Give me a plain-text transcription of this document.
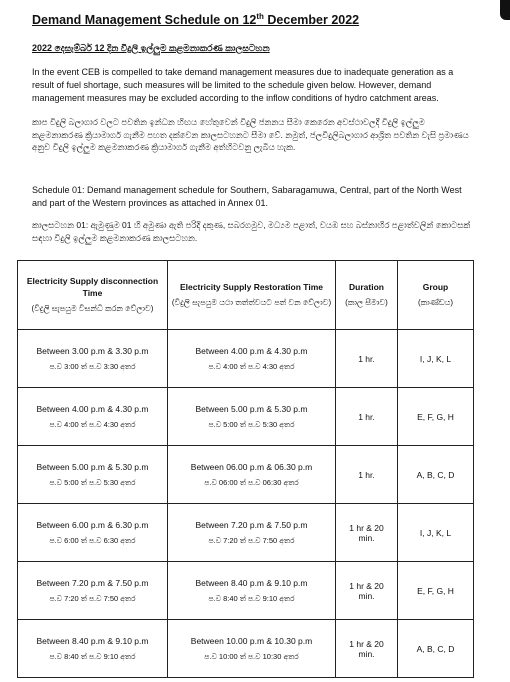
Demand Management Schedule on 12th December 2022
2022 දෙසැම්බර් 12 දින විදුලි ඉල්ලුම කළමනාකරණ කාලසටහන
In the event CEB is compelled to take demand management measures due to inadequate generation as a result of fuel shortage, such measures will be limited to the schedule given below. However, demand management measures may be excluded according to the inflow conditions of hydro catchment areas.
කාප විදුලි බලාගාර වලට පවතින ඉන්ධන හිඟය හේතුවෙන් විදුලි ජනනය සීමා කෙරෙන අවස්ථාවලදී විදුලි ඉල්ලුම කළමනාකරණ ක්‍රියාමාර්ග ගැනීම පහත දක්වෙන කාලසටහනට සීමා වේ. නමුත්, ජලවිදුලිබලාගාර ආශ්‍රිත පවතින වැසි ප්‍රමාණය අනුව විදුලි ඉල්ලුම කළමනාකරණ ක්‍රියාමාර්ග ගැනීම අත්හිටවනු ලැබිය හැක.
Schedule 01: Demand management schedule for Southern, Sabaragamuwa, Central, part of the North West and part of the Western provinces as attached in Annex 01.
කාලසටහන 01: ඇමුණුම 01 හි අමුණා ඇති පරිදි දකුණ, සබරගමුව, මධ්‍යම පළාත්, වයඹ සහ බස්නාහිර පළාත්වලින් කොටසක් සඳහා විදුලි ඉල්ලුම කළමනාකරණ කාලසටහන.
Electricity Supply disconnection Time
(විදුලි සැපයුම විසන්ධි කරන වේලාව)	Electricity Supply Restoration Time
(විදුලි සැපයුම යථා තත්ත්වයට පත් වන වේලාව)	Duration
(කාල සීමාව)	Group
(කාණ්ඩය)

Between 3.00 p.m & 3.30 p.m
ප.ව 3:00 ත් ප.ව 3:30 අතර	Between 4.00 p.m & 4.30 p.m
ප.ව 4:00 ත් ප.ව 4:30 අතර	1 hr.	I, J, K, L

Between 4.00 p.m & 4.30 p.m
ප.ව 4:00 ත් ප.ව 4:30 අතර	Between 5.00 p.m & 5.30 p.m
ප.ව 5:00 ත් ප.ව 5:30 අතර	1 hr.	E, F, G, H

Between 5.00 p.m & 5.30 p.m
ප.ව 5:00 ත් ප.ව 5:30 අතර	Between 06.00 p.m & 06.30 p.m
ප.ව 06:00 ත් ප.ව 06:30 අතර	1 hr.	A, B, C, D

Between 6.00 p.m & 6.30 p.m
ප.ව 6:00 ත් ප.ව 6:30 අතර	Between 7.20 p.m & 7.50 p.m
ප.ව 7:20 ත් ප.ව 7:50 අතර	1 hr & 20
min.	I, J, K, L

Between 7.20 p.m & 7.50 p.m
ප.ව 7:20 ත් ප.ව 7:50 අතර	Between 8.40 p.m & 9.10 p.m
ප.ව 8:40 ත් ප.ව 9:10 අතර	1 hr & 20
min.	E, F, G, H

Between 8.40 p.m & 9.10 p.m
ප.ව 8:40 ත් ප.ව 9:10 අතර	Between 10.00 p.m & 10.30 p.m
ප.ව 10:00 ත් ප.ව 10:30 අතර	1 hr & 20
min.	A, B, C, D
